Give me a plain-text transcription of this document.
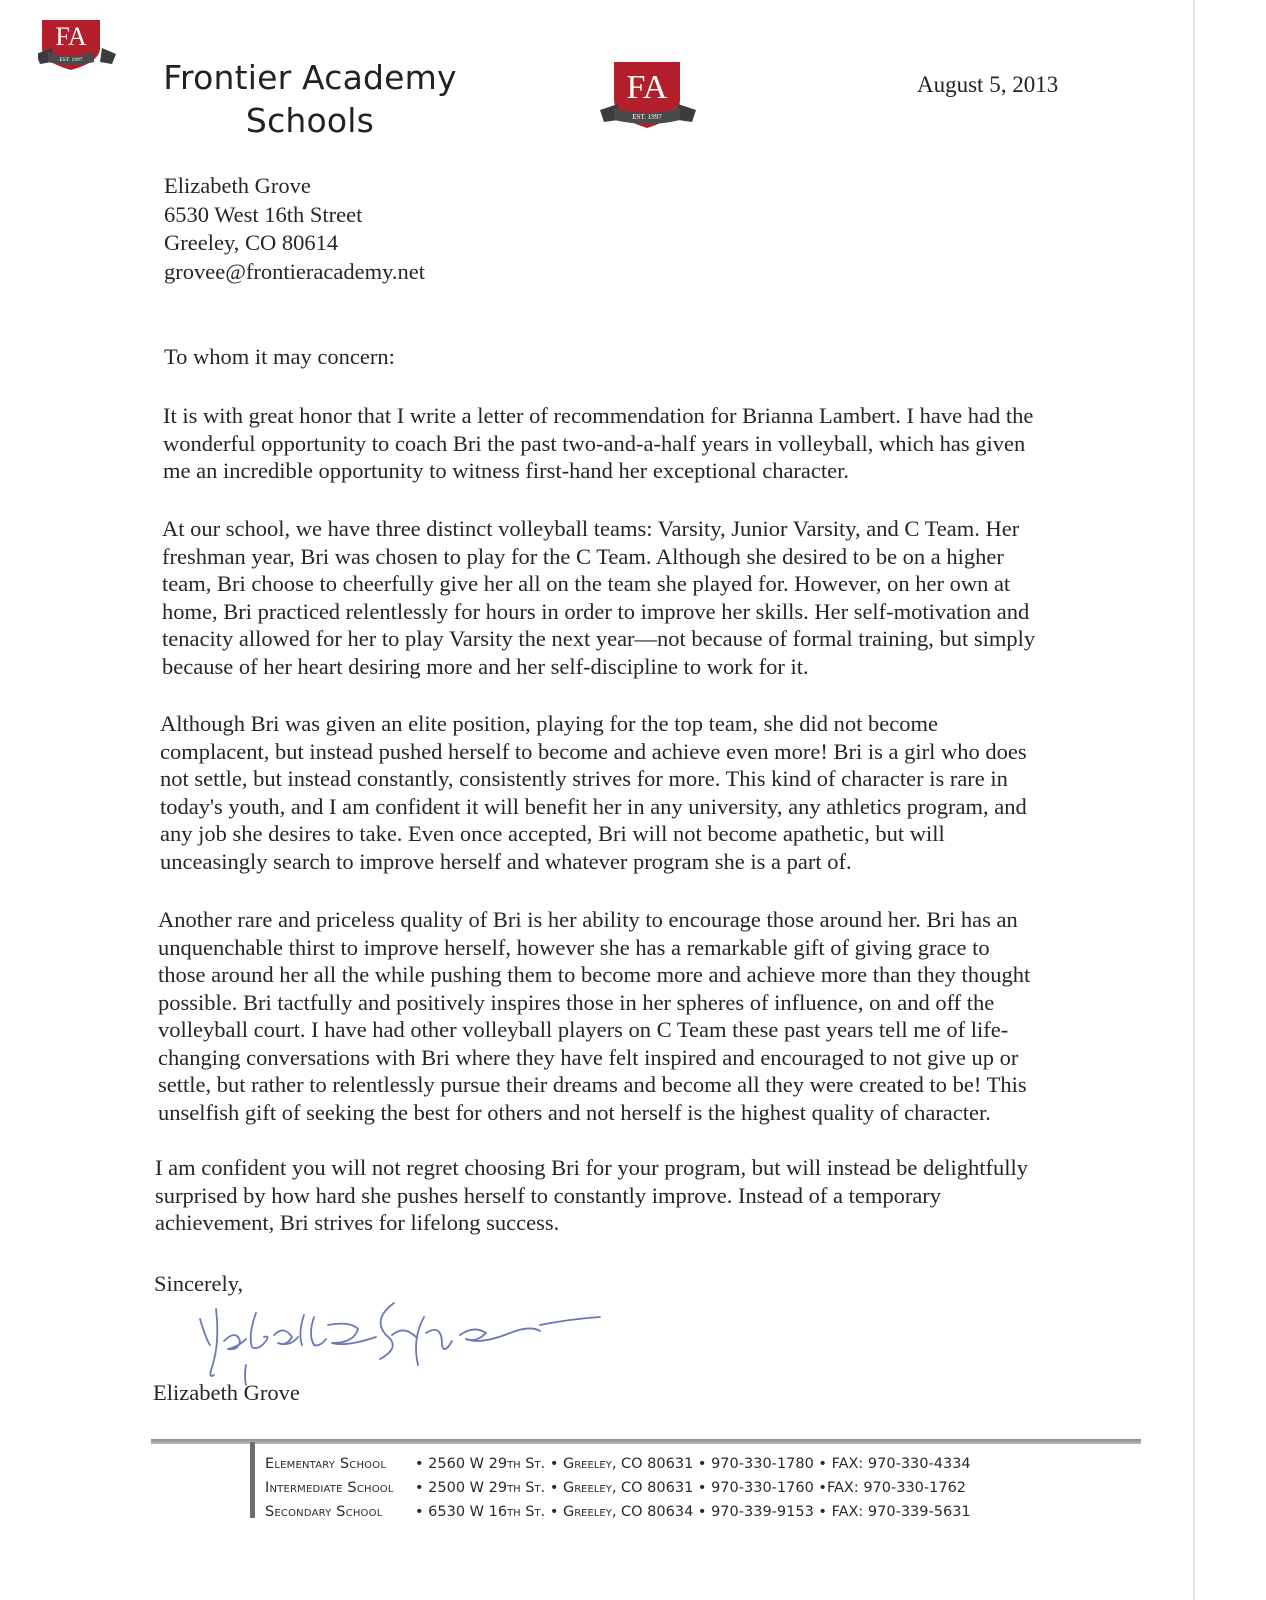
FA
EST. 1997
FA
EST. 1997
Frontier Academy
Schools
August 5, 2013
Elizabeth Grove
6530 West 16th Street
Greeley, CO 80614
grovee@frontieracademy.net
To whom it may concern:

It is with great honor that I write a letter of recommendation for Brianna Lambert. I have had the
wonderful opportunity to coach Bri the past two-and-a-half years in volleyball, which has given
me an incredible opportunity to witness first-hand her exceptional character.

At our school, we have three distinct volleyball teams: Varsity, Junior Varsity, and C Team. Her
freshman year, Bri was chosen to play for the C Team. Although she desired to be on a higher
team, Bri choose to cheerfully give her all on the team she played for. However, on her own at
home, Bri practiced relentlessly for hours in order to improve her skills. Her self-motivation and
tenacity allowed for her to play Varsity the next year—not because of formal training, but simply
because of her heart desiring more and her self-discipline to work for it.

Although Bri was given an elite position, playing for the top team, she did not become
complacent, but instead pushed herself to become and achieve even more! Bri is a girl who does
not settle, but instead constantly, consistently strives for more. This kind of character is rare in
today's youth, and I am confident it will benefit her in any university, any athletics program, and
any job she desires to take. Even once accepted, Bri will not become apathetic, but will
unceasingly search to improve herself and whatever program she is a part of.

Another rare and priceless quality of Bri is her ability to encourage those around her. Bri has an
unquenchable thirst to improve herself, however she has a remarkable gift of giving grace to
those around her all the while pushing them to become more and achieve more than they thought
possible. Bri tactfully and positively inspires those in her spheres of influence, on and off the
volleyball court. I have had other volleyball players on C Team these past years tell me of life-
changing conversations with Bri where they have felt inspired and encouraged to not give up or
settle, but rather to relentlessly pursue their dreams and become all they were created to be! This
unselfish gift of seeking the best for others and not herself is the highest quality of character.

I am confident you will not regret choosing Bri for your program, but will instead be delightfully
surprised by how hard she pushes herself to constantly improve. Instead of a temporary
achievement, Bri strives for lifelong success.

Sincerely,
Elizabeth Grove
Elementary School	• 2560 W 29th St. • Greeley, CO 80631 • 970-330-1780 • FAX: 970-330-4334
Intermediate School	• 2500 W 29th St. • Greeley, CO 80631 • 970-330-1760 •FAX: 970-330-1762
Secondary School	• 6530 W 16th St. • Greeley, CO 80634 • 970-339-9153 • FAX: 970-339-5631
